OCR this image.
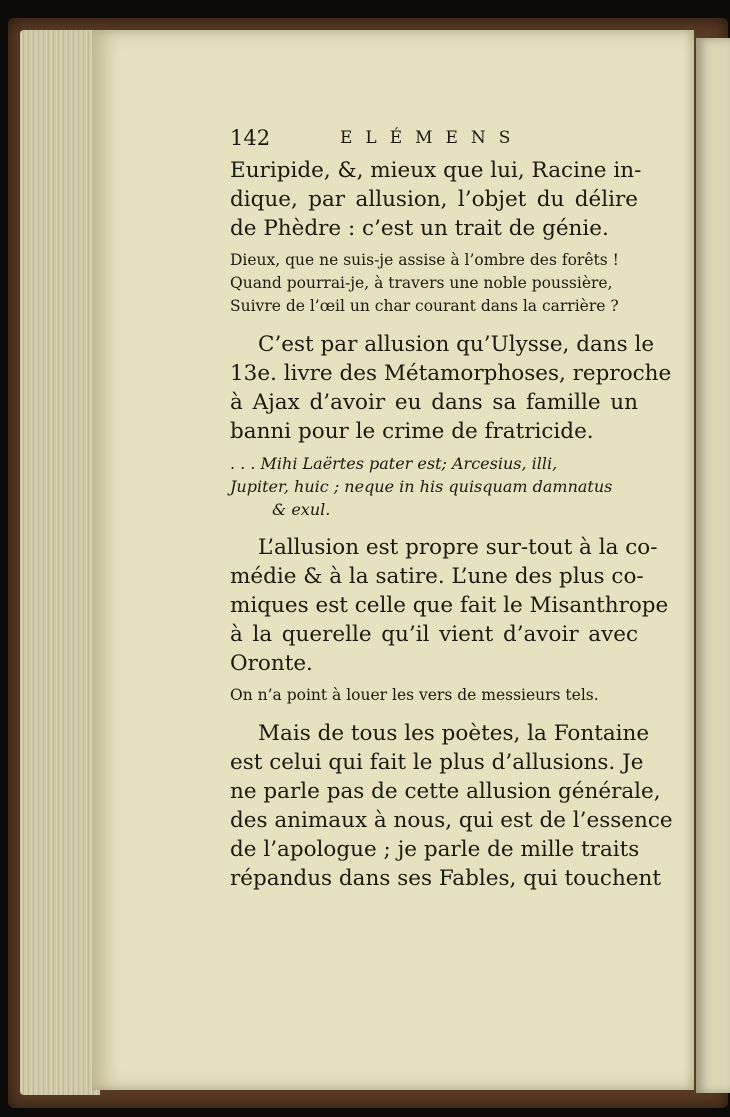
142	ELÉMENS
Euripide, &, mieux que lui, Racine in-
dique, par allusion, l’objet du délire
de Phèdre : c’est un trait de génie.
Dieux, que ne suis-je assise à l’ombre des forêts !
Quand pourrai-je, à travers une noble poussière,
Suivre de l’œil un char courant dans la carrière ?
C’est par allusion qu’Ulysse, dans le
13e. livre des Métamorphoses, reproche
à Ajax d’avoir eu dans sa famille un
banni pour le crime de fratricide.
. . . Mihi Laërtes pater est; Arcesius, illi,
Jupiter, huic ; neque in his quisquam damnatus
& exul.
L’allusion est propre sur-tout à la co-
médie & à la satire. L’une des plus co-
miques est celle que fait le Misanthrope
à la querelle qu’il vient d’avoir avec
Oronte.
On n’a point à louer les vers de messieurs tels.
Mais de tous les poètes, la Fontaine
est celui qui fait le plus d’allusions. Je
ne parle pas de cette allusion générale,
des animaux à nous, qui est de l’essence
de l’apologue ; je parle de mille traits
répandus dans ses Fables, qui touchent
